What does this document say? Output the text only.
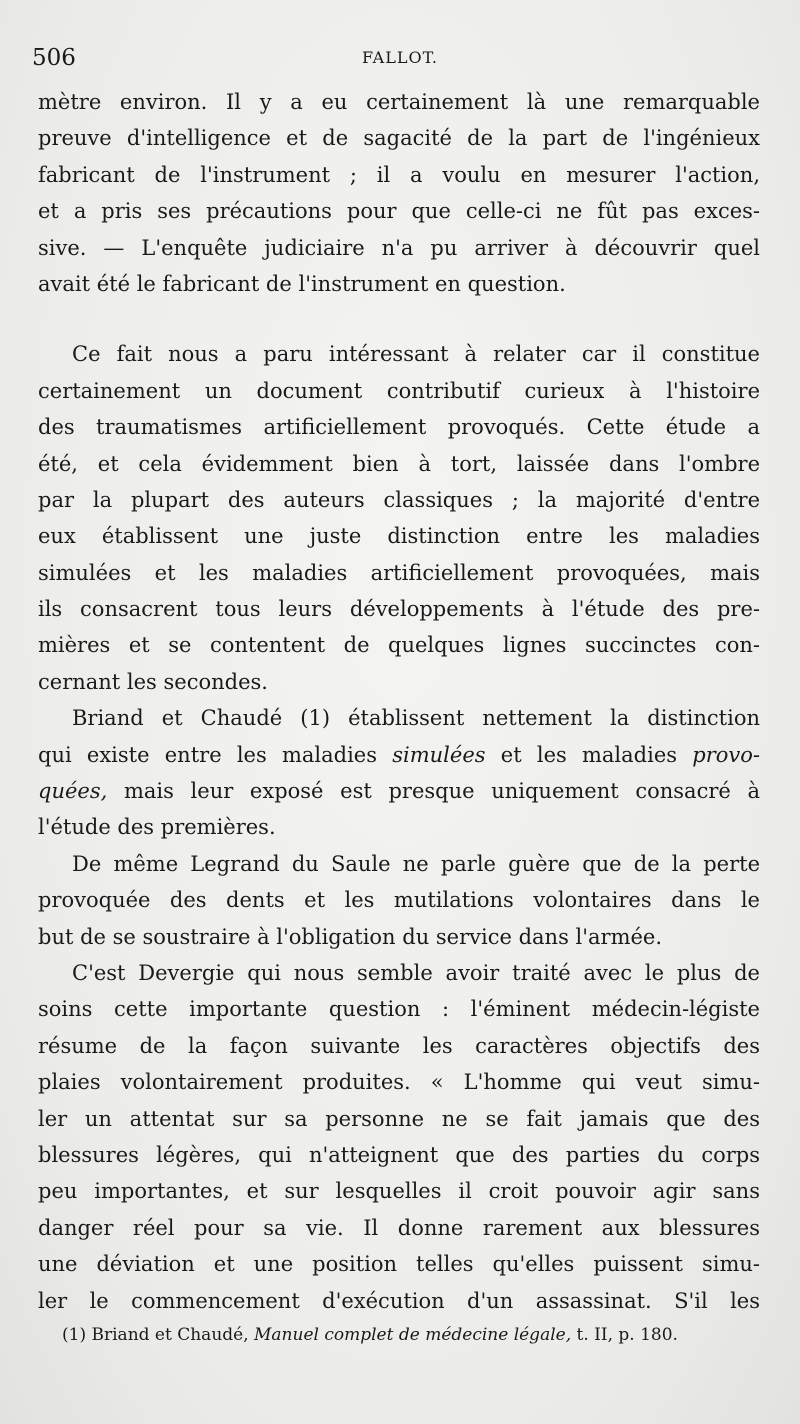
506	FALLOT.
mètre environ. Il y a eu certainement là une remarquable
preuve d'intelligence et de sagacité de la part de l'ingénieux
fabricant de l'instrument ; il a voulu en mesurer l'action,
et a pris ses précautions pour que celle-ci ne fût pas exces-
sive. — L'enquête judiciaire n'a pu arriver à découvrir quel
avait été le fabricant de l'instrument en question.
Ce fait nous a paru intéressant à relater car il constitue
certainement un document contributif curieux à l'histoire
des traumatismes artificiellement provoqués. Cette étude a
été, et cela évidemment bien à tort, laissée dans l'ombre
par la plupart des auteurs classiques ; la majorité d'entre
eux établissent une juste distinction entre les maladies
simulées et les maladies artificiellement provoquées, mais
ils consacrent tous leurs développements à l'étude des pre-
mières et se contentent de quelques lignes succinctes con-
cernant les secondes.
Briand et Chaudé (1) établissent nettement la distinction
qui existe entre les maladies simulées et les maladies provo-
quées, mais leur exposé est presque uniquement consacré à
l'étude des premières.
De même Legrand du Saule ne parle guère que de la perte
provoquée des dents et les mutilations volontaires dans le
but de se soustraire à l'obligation du service dans l'armée.
C'est Devergie qui nous semble avoir traité avec le plus de
soins cette importante question : l'éminent médecin-légiste
résume de la façon suivante les caractères objectifs des
plaies volontairement produites. « L'homme qui veut simu-
ler un attentat sur sa personne ne se fait jamais que des
blessures légères, qui n'atteignent que des parties du corps
peu importantes, et sur lesquelles il croit pouvoir agir sans
danger réel pour sa vie. Il donne rarement aux blessures
une déviation et une position telles qu'elles puissent simu-
ler le commencement d'exécution d'un assassinat. S'il les
(1) Briand et Chaudé, Manuel complet de médecine légale, t. II, p. 180.
